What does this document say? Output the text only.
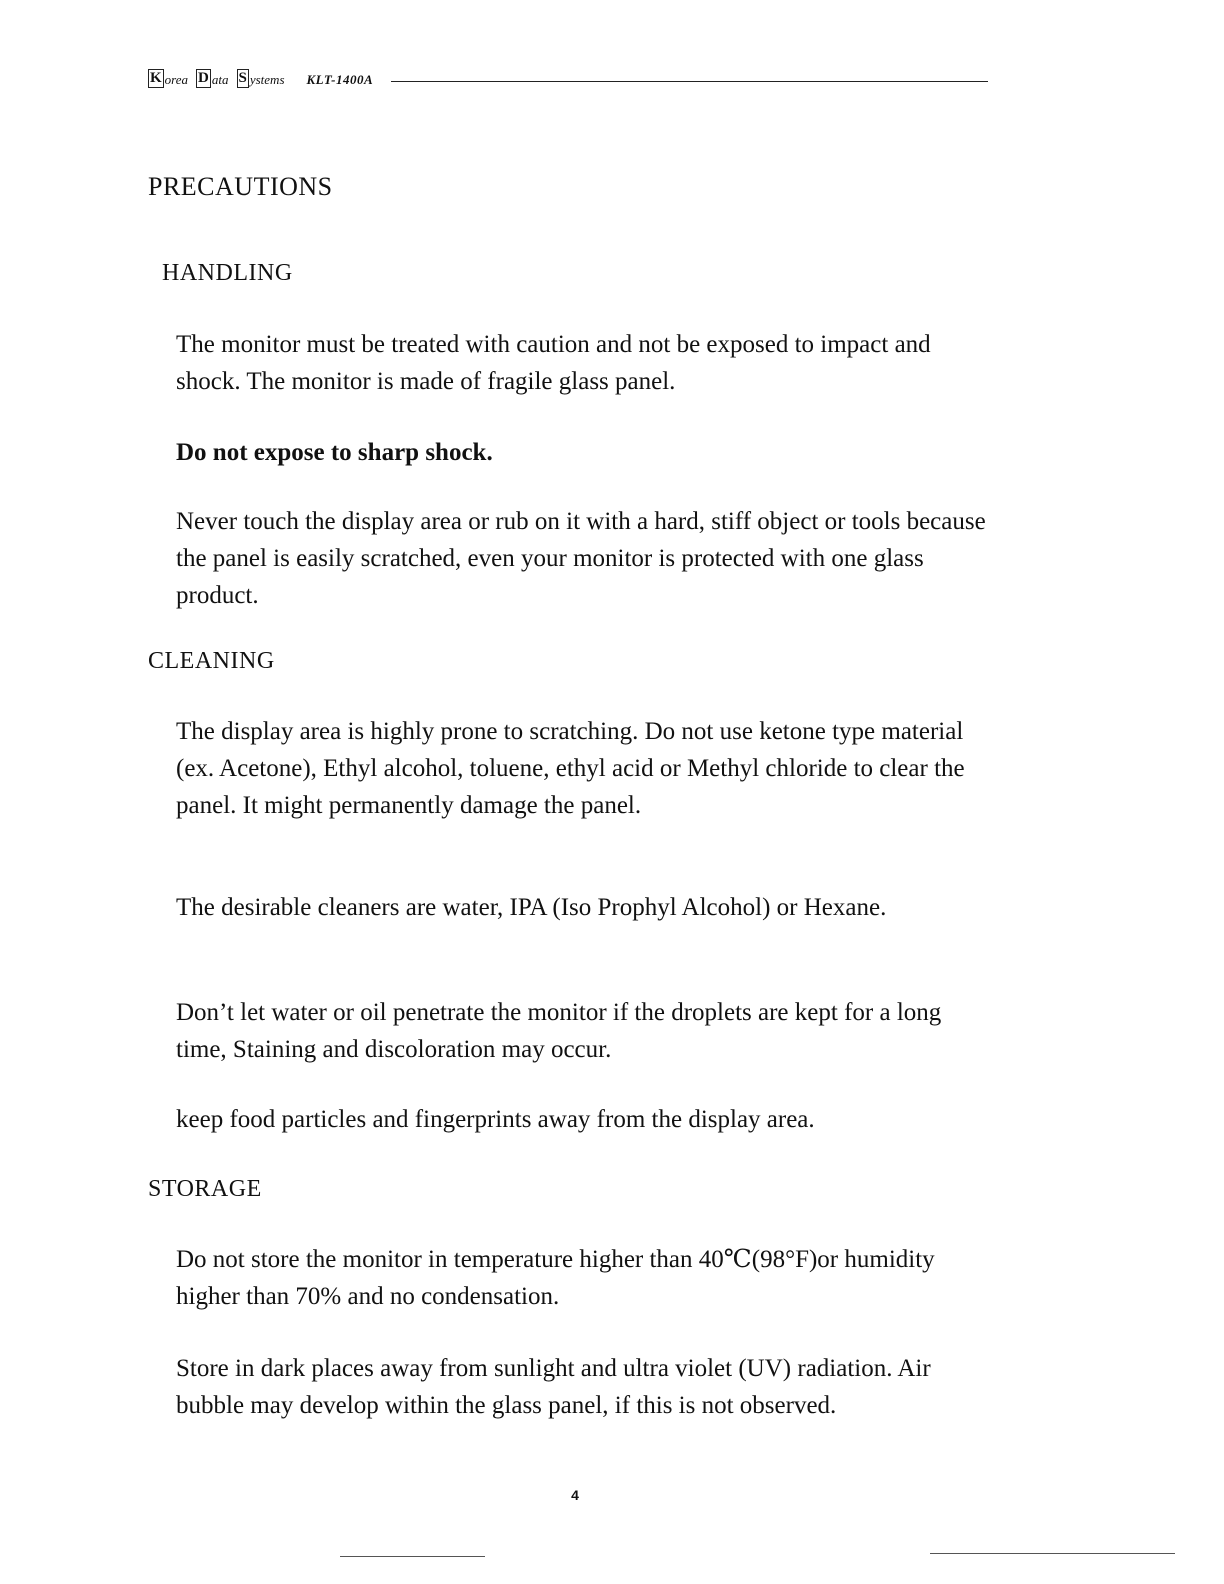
K orea D ata S ystems KLT-1400A
PRECAUTIONS
HANDLING

The monitor must be treated with caution and not be exposed to impact and shock. The monitor is made of fragile glass panel.

Do not expose to sharp shock.

Never touch the display area or rub on it with a hard, stiff object or tools because the panel is easily scratched, even your monitor is protected with one glass product.

CLEANING

The display area is highly prone to scratching. Do not use ketone type material (ex. Acetone), Ethyl alcohol, toluene, ethyl acid or Methyl chloride to clear the panel. It might permanently damage the panel.

The desirable cleaners are water, IPA (Iso Prophyl Alcohol) or Hexane.

Don’t let water or oil penetrate the monitor if the droplets are kept for a long time, Staining and discoloration may occur.

keep food particles and fingerprints away from the display area.

STORAGE

Do not store the monitor in temperature higher than 40℃(98°F)or humidity higher than 70% and no condensation.

Store in dark places away from sunlight and ultra violet (UV) radiation. Air bubble may develop within the glass panel, if this is not observed.

4
